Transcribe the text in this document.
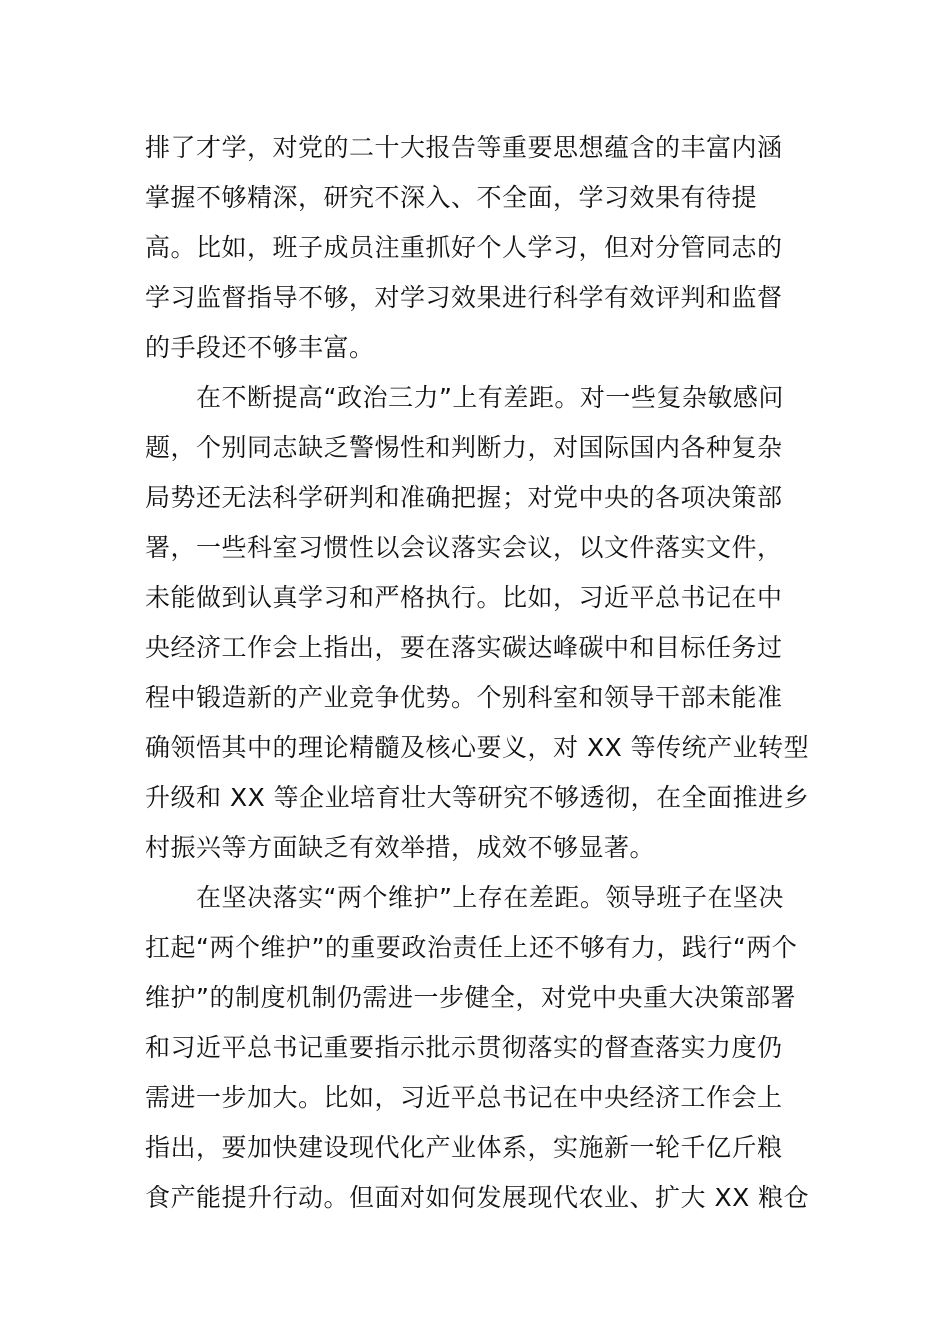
排了才学，对党的二十大报告等重要思想蕴含的丰富内涵
掌握不够精深，研究不深入、不全面，学习效果有待提
高。比如，班子成员注重抓好个人学习，但对分管同志的
学习监督指导不够，对学习效果进行科学有效评判和监督
的手段还不够丰富。
　　在不断提高“政治三力”上有差距。对一些复杂敏感问
题，个别同志缺乏警惕性和判断力，对国际国内各种复杂
局势还无法科学研判和准确把握；对党中央的各项决策部
署，一些科室习惯性以会议落实会议，以文件落实文件，
未能做到认真学习和严格执行。比如，习近平总书记在中
央经济工作会上指出，要在落实碳达峰碳中和目标任务过
程中锻造新的产业竞争优势。个别科室和领导干部未能准
确领悟其中的理论精髓及核心要义，对 XX 等传统产业转型
升级和 XX 等企业培育壮大等研究不够透彻，在全面推进乡
村振兴等方面缺乏有效举措，成效不够显著。
　　在坚决落实“两个维护”上存在差距。领导班子在坚决
扛起“两个维护”的重要政治责任上还不够有力，践行“两个
维护”的制度机制仍需进一步健全，对党中央重大决策部署
和习近平总书记重要指示批示贯彻落实的督查落实力度仍
需进一步加大。比如，习近平总书记在中央经济工作会上
指出，要加快建设现代化产业体系，实施新一轮千亿斤粮
食产能提升行动。但面对如何发展现代农业、扩大 XX 粮仓
